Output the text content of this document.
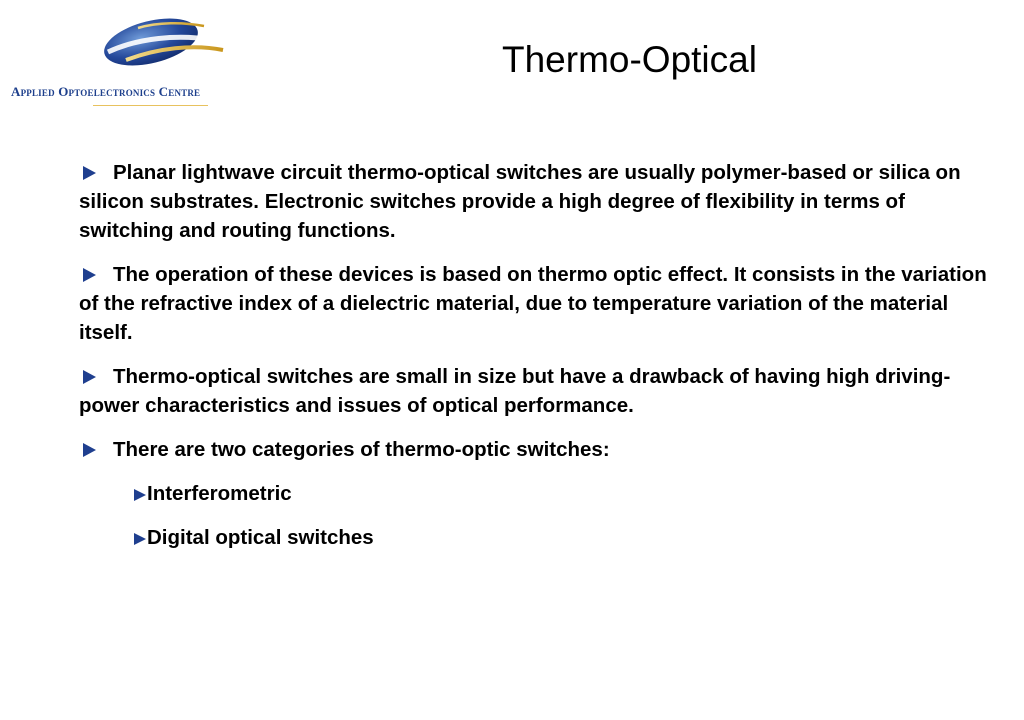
Applied Optoelectronics Centre
Thermo-Optical
Planar lightwave circuit thermo-optical switches are usually polymer-based or silica on silicon substrates. Electronic switches provide a high degree of flexibility in terms of switching and routing functions.
The operation of these devices is based on thermo optic effect. It consists in the variation of the refractive index of a dielectric material, due to temperature variation of the material itself.
Thermo-optical switches are small in size but have a drawback of having high driving-power characteristics and issues of optical performance.
There are two categories of thermo-optic switches:
Interferometric
Digital optical switches
